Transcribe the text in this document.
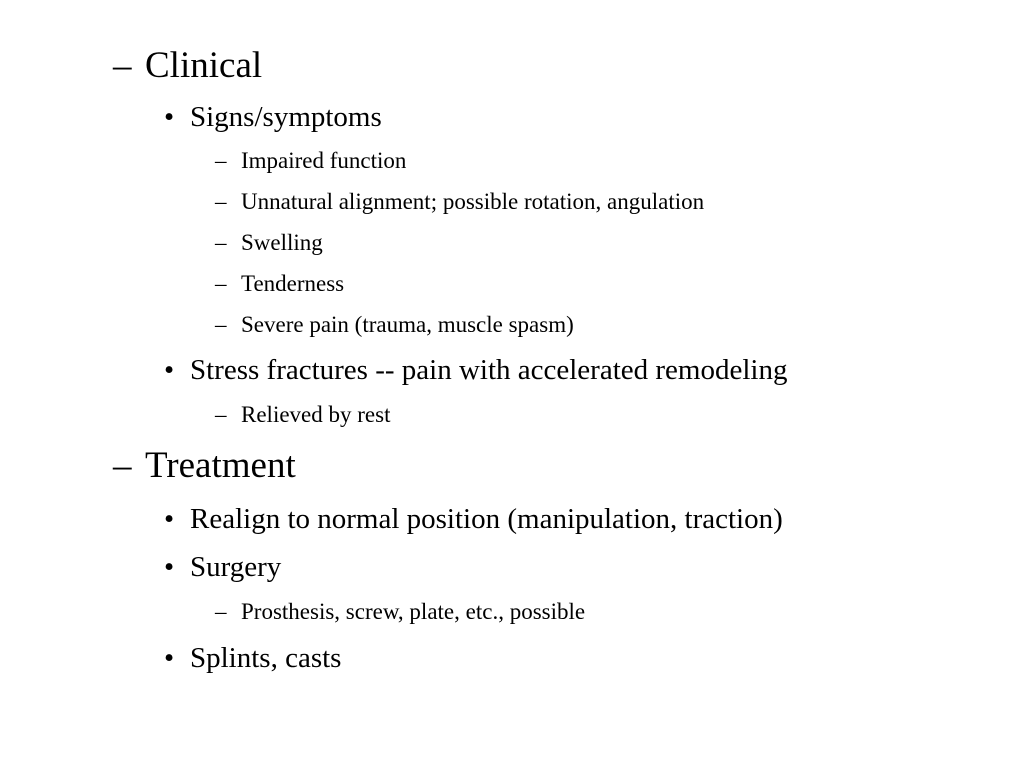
– Clinical
• Signs/symptoms
– Impaired function
– Unnatural alignment; possible rotation, angulation
– Swelling
– Tenderness
– Severe pain (trauma, muscle spasm)
• Stress fractures -- pain with accelerated remodeling
– Relieved by rest
– Treatment
• Realign to normal position (manipulation, traction)
• Surgery
– Prosthesis, screw, plate, etc., possible
• Splints, casts
